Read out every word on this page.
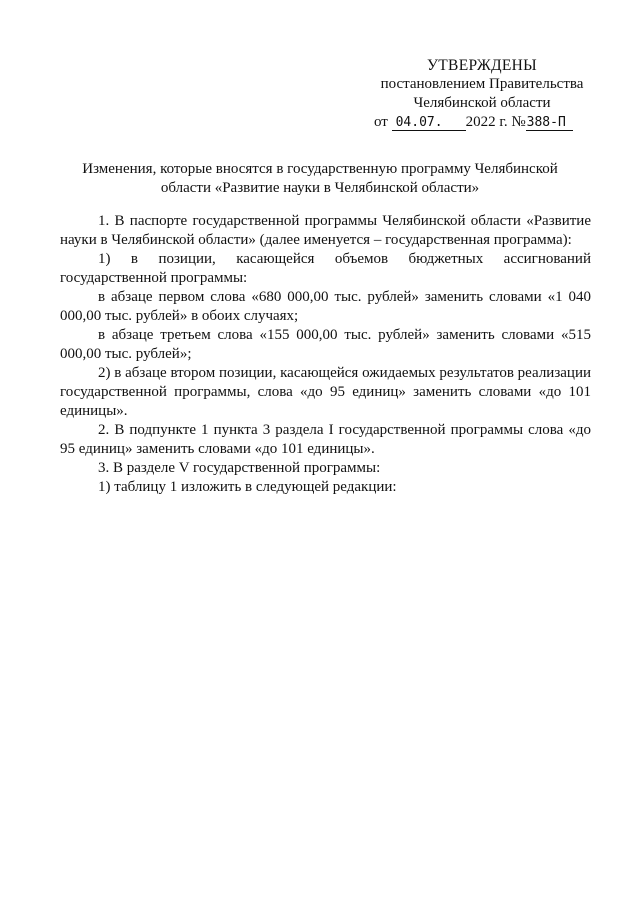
УТВЕРЖДЕНЫ
постановлением Правительства
Челябинской области
от 04.07. 2022 г. №388-П
Изменения, которые вносятся в государственную программу Челябинской области «Развитие науки в Челябинской области»

1. В паспорте государственной программы Челябинской области «Развитие науки в Челябинской области» (далее именуется – государственная программа):

1) в позиции, касающейся объемов бюджетных ассигнований государственной программы:

в абзаце первом слова «680 000,00 тыс. рублей» заменить словами «1 040 000,00 тыс. рублей» в обоих случаях;

в абзаце третьем слова «155 000,00 тыс. рублей» заменить словами «515 000,00 тыс. рублей»;

2) в абзаце втором позиции, касающейся ожидаемых результатов реализации государственной программы, слова «до 95 единиц» заменить словами «до 101 единицы».

2. В подпункте 1 пункта 3 раздела I государственной программы слова «до 95 единиц» заменить словами «до 101 единицы».

3. В разделе V государственной программы:

1) таблицу 1 изложить в следующей редакции:
